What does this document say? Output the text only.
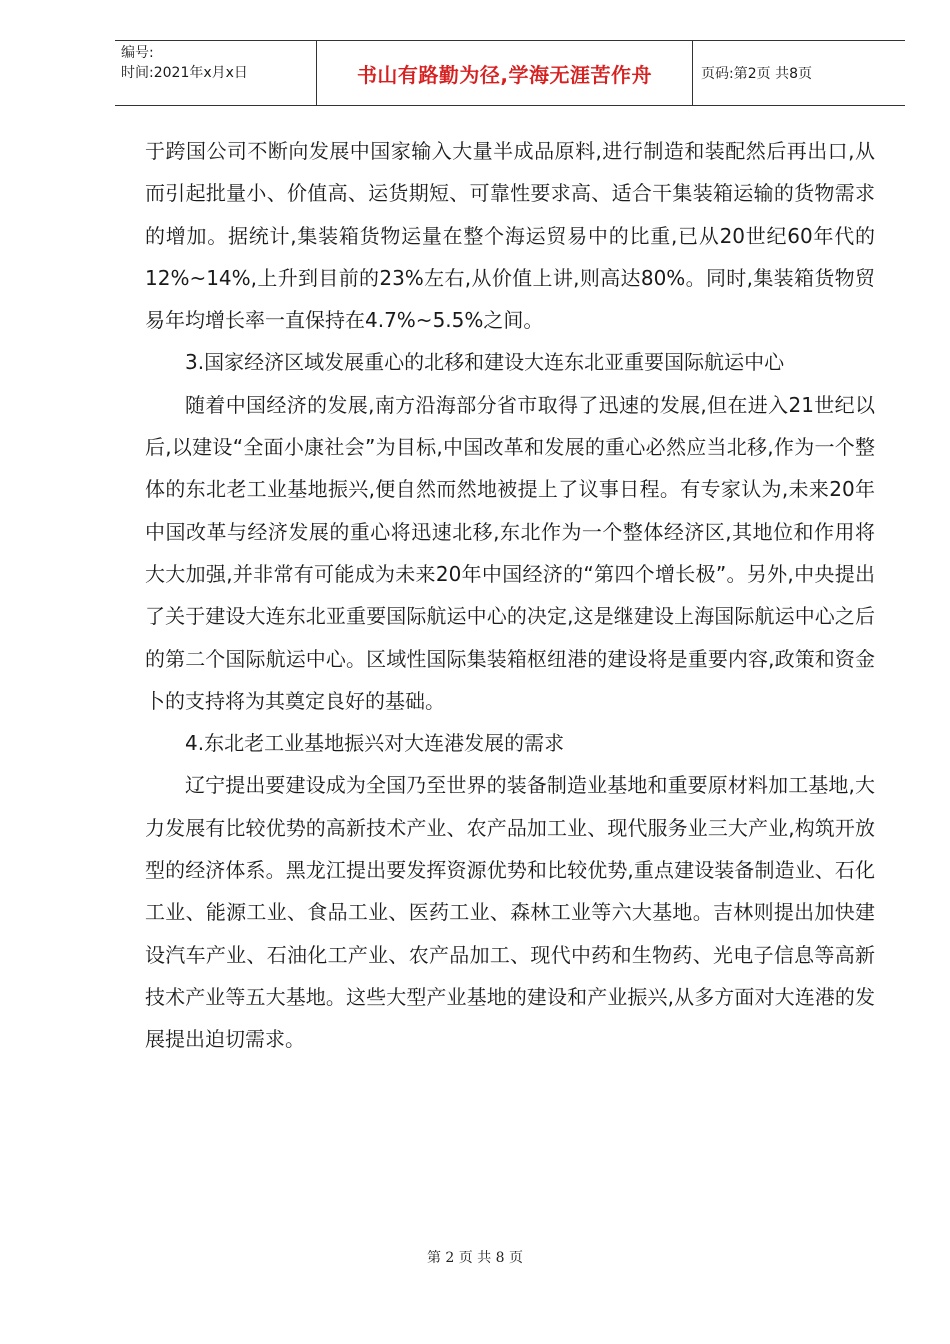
编号:
时间:2021年x月x日	书山有路勤为径,学海无涯苦作舟	页码:第2页 共8页

于跨国公司不断向发展中国家输入大量半成品原料,进行制造和装配然后再出口,从而引起批量小、价值高、运货期短、可靠性要求高、适合干集装箱运输的货物需求的增加。据统计,集装箱货物运量在整个海运贸易中的比重,已从20世纪60年代的12%~14%,上升到目前的23%左右,从价值上讲,则高达80%。同时,集装箱货物贸易年均增长率一直保持在4.7%~5.5%之间。

3.国家经济区域发展重心的北移和建设大连东北亚重要国际航运中心

随着中国经济的发展,南方沿海部分省市取得了迅速的发展,但在进入21世纪以后,以建设“全面小康社会”为目标,中国改革和发展的重心必然应当北移,作为一个整体的东北老工业基地振兴,便自然而然地被提上了议事日程。有专家认为,未来20年中国改革与经济发展的重心将迅速北移,东北作为一个整体经济区,其地位和作用将大大加强,并非常有可能成为未来20年中国经济的“第四个增长极”。另外,中央提出了关于建设大连东北亚重要国际航运中心的决定,这是继建设上海国际航运中心之后的第二个国际航运中心。区域性国际集装箱枢纽港的建设将是重要内容,政策和资金卜的支持将为其奠定良好的基础。

4.东北老工业基地振兴对大连港发展的需求

辽宁提出要建设成为全国乃至世界的装备制造业基地和重要原材料加工基地,大力发展有比较优势的高新技术产业、农产品加工业、现代服务业三大产业,构筑开放型的经济体系。黑龙江提出要发挥资源优势和比较优势,重点建设装备制造业、石化工业、能源工业、食品工业、医药工业、森林工业等六大基地。吉林则提出加快建设汽车产业、石油化工产业、农产品加工、现代中药和生物药、光电子信息等高新技术产业等五大基地。这些大型产业基地的建设和产业振兴,从多方面对大连港的发展提出迫切需求。

第 2 页 共 8 页
